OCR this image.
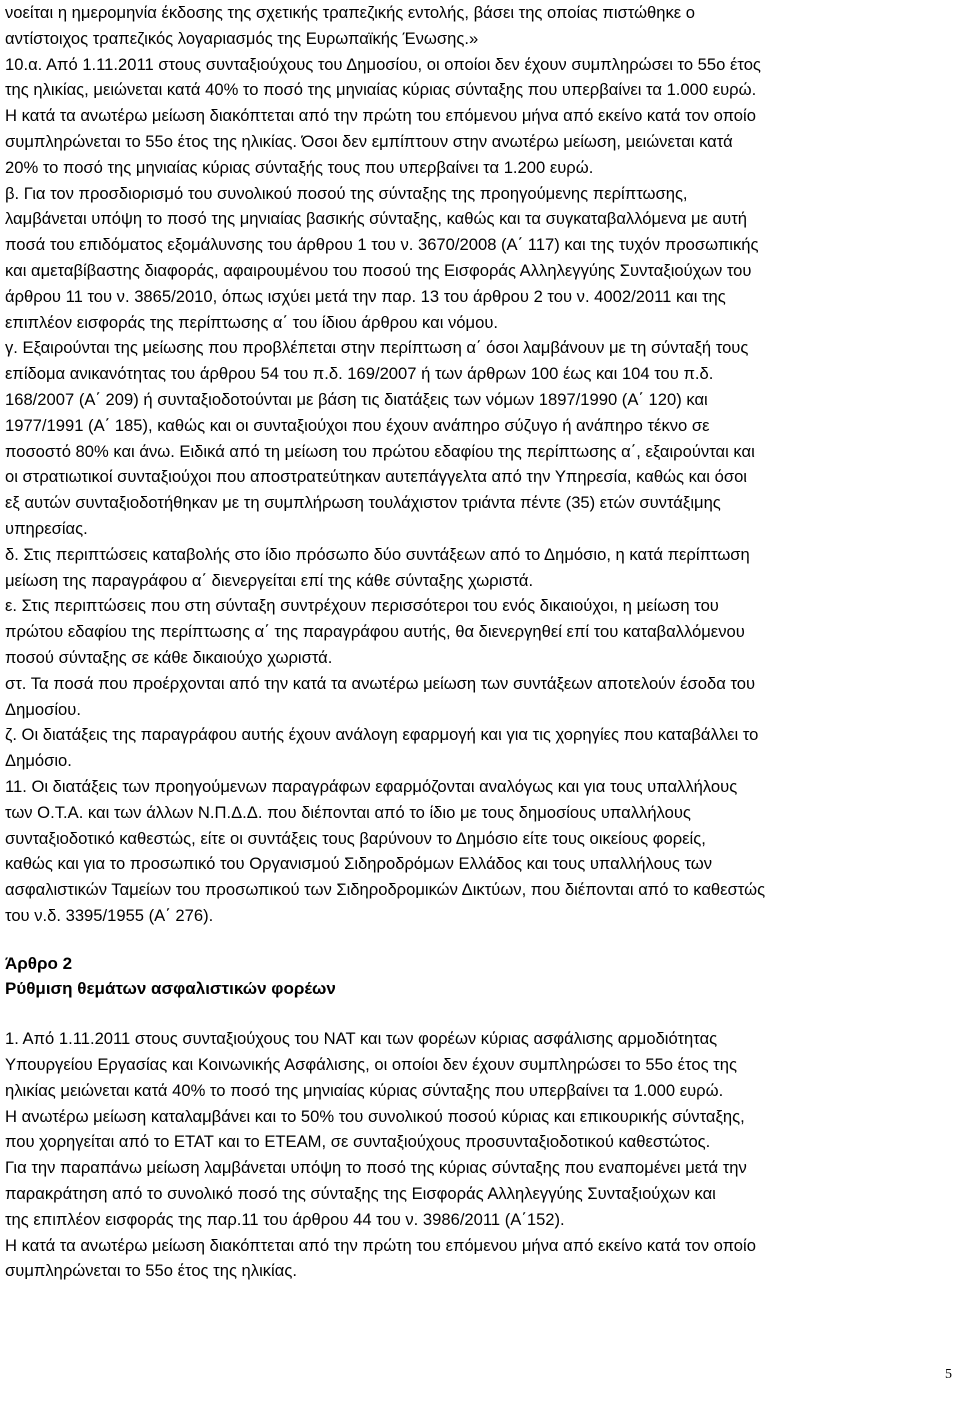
νοείται η ημερομηνία έκδοσης της σχετικής τραπεζικής εντολής, βάσει της οποίας πιστώθηκε ο
αντίστοιχος τραπεζικός λογαριασμός της Ευρωπαϊκής Ένωσης.»
10.α. Από 1.11.2011 στους συνταξιούχους του Δημοσίου, οι οποίοι δεν έχουν συμπληρώσει το 55ο έτος
της ηλικίας, μειώνεται κατά 40% το ποσό της μηνιαίας κύριας σύνταξης που υπερβαίνει τα 1.000 ευρώ.
Η κατά τα ανωτέρω μείωση διακόπτεται από την πρώτη του επόμενου μήνα από εκείνο κατά τον οποίο
συμπληρώνεται το 55ο έτος της ηλικίας. Όσοι δεν εμπίπτουν στην ανωτέρω μείωση, μειώνεται κατά
20% το ποσό της μηνιαίας κύριας σύνταξής τους που υπερβαίνει τα 1.200 ευρώ.
β. Για τον προσδιορισμό του συνολικού ποσού της σύνταξης της προηγούμενης περίπτωσης,
λαμβάνεται υπόψη το ποσό της μηνιαίας βασικής σύνταξης, καθώς και τα συγκαταβαλλόμενα με αυτή
ποσά του επιδόματος εξομάλυνσης του άρθρου 1 του ν. 3670/2008 (Α΄ 117) και της τυχόν προσωπικής
και αμεταβίβαστης διαφοράς, αφαιρουμένου του ποσού της Εισφοράς Αλληλεγγύης Συνταξιούχων του
άρθρου 11 του ν. 3865/2010, όπως ισχύει μετά την παρ. 13 του άρθρου 2 του ν. 4002/2011 και της
επιπλέον εισφοράς της περίπτωσης α΄ του ίδιου άρθρου και νόμου.
γ. Εξαιρούνται της μείωσης που προβλέπεται στην περίπτωση α΄ όσοι λαμβάνουν με τη σύνταξή τους
επίδομα ανικανότητας του άρθρου 54 του π.δ. 169/2007 ή των άρθρων 100 έως και 104 του π.δ.
168/2007 (Α΄ 209) ή συνταξιοδοτούνται με βάση τις διατάξεις των νόμων 1897/1990 (Α΄ 120) και
1977/1991 (Α΄ 185), καθώς και οι συνταξιούχοι που έχουν ανάπηρο σύζυγο ή ανάπηρο τέκνο σε
ποσοστό 80% και άνω. Ειδικά από τη μείωση του πρώτου εδαφίου της περίπτωσης α΄, εξαιρούνται και
οι στρατιωτικοί συνταξιούχοι που αποστρατεύτηκαν αυτεπάγγελτα από την Υπηρεσία, καθώς και όσοι
εξ αυτών συνταξιοδοτήθηκαν με τη συμπλήρωση τουλάχιστον τριάντα πέντε (35) ετών συντάξιμης
υπηρεσίας.
δ. Στις περιπτώσεις καταβολής στο ίδιο πρόσωπο δύο συντάξεων από το Δημόσιο, η κατά περίπτωση
μείωση της παραγράφου α΄ διενεργείται επί της κάθε σύνταξης χωριστά.
ε. Στις περιπτώσεις που στη σύνταξη συντρέχουν περισσότεροι του ενός δικαιούχοι, η μείωση του
πρώτου εδαφίου της περίπτωσης α΄ της παραγράφου αυτής, θα διενεργηθεί επί του καταβαλλόμενου
ποσού σύνταξης σε κάθε δικαιούχο χωριστά.
στ. Τα ποσά που προέρχονται από την κατά τα ανωτέρω μείωση των συντάξεων αποτελούν έσοδα του
Δημοσίου.
ζ. Οι διατάξεις της παραγράφου αυτής έχουν ανάλογη εφαρμογή και για τις χορηγίες που καταβάλλει το
Δημόσιο.
11. Οι διατάξεις των προηγούμενων παραγράφων εφαρμόζονται αναλόγως και για τους υπαλλήλους
των Ο.Τ.Α. και των άλλων Ν.Π.Δ.Δ. που διέπονται από το ίδιο με τους δημοσίους υπαλλήλους
συνταξιοδοτικό καθεστώς, είτε οι συντάξεις τους βαρύνουν το Δημόσιο είτε τους οικείους φορείς,
καθώς και για το προσωπικό του Οργανισμού Σιδηροδρόμων Ελλάδος και τους υπαλλήλους των
ασφαλιστικών Ταμείων του προσωπικού των Σιδηροδρομικών Δικτύων, που διέπονται από το καθεστώς
του ν.δ. 3395/1955 (Α΄ 276).
Άρθρο 2
Ρύθμιση θεμάτων ασφαλιστικών φορέων
1. Από 1.11.2011 στους συνταξιούχους του ΝΑΤ και των φορέων κύριας ασφάλισης αρμοδιότητας
Υπουργείου Εργασίας και Κοινωνικής Ασφάλισης, οι οποίοι δεν έχουν συμπληρώσει το 55ο έτος της
ηλικίας μειώνεται κατά 40% το ποσό της μηνιαίας κύριας σύνταξης που υπερβαίνει τα 1.000 ευρώ.
Η ανωτέρω μείωση καταλαμβάνει και το 50% του συνολικού ποσού κύριας και επικουρικής σύνταξης,
που χορηγείται από το ΕΤΑΤ και το ΕΤΕΑΜ, σε συνταξιούχους προσυνταξιοδοτικού καθεστώτος.
Για την παραπάνω μείωση λαμβάνεται υπόψη το ποσό της κύριας σύνταξης που εναπομένει μετά την
παρακράτηση από το συνολικό ποσό της σύνταξης της Εισφοράς Αλληλεγγύης Συνταξιούχων και
της επιπλέον εισφοράς της παρ.11 του άρθρου 44 του ν. 3986/2011 (Α΄152).
Η κατά τα ανωτέρω μείωση διακόπτεται από την πρώτη του επόμενου μήνα από εκείνο κατά τον οποίο
συμπληρώνεται το 55ο έτος της ηλικίας.
5
